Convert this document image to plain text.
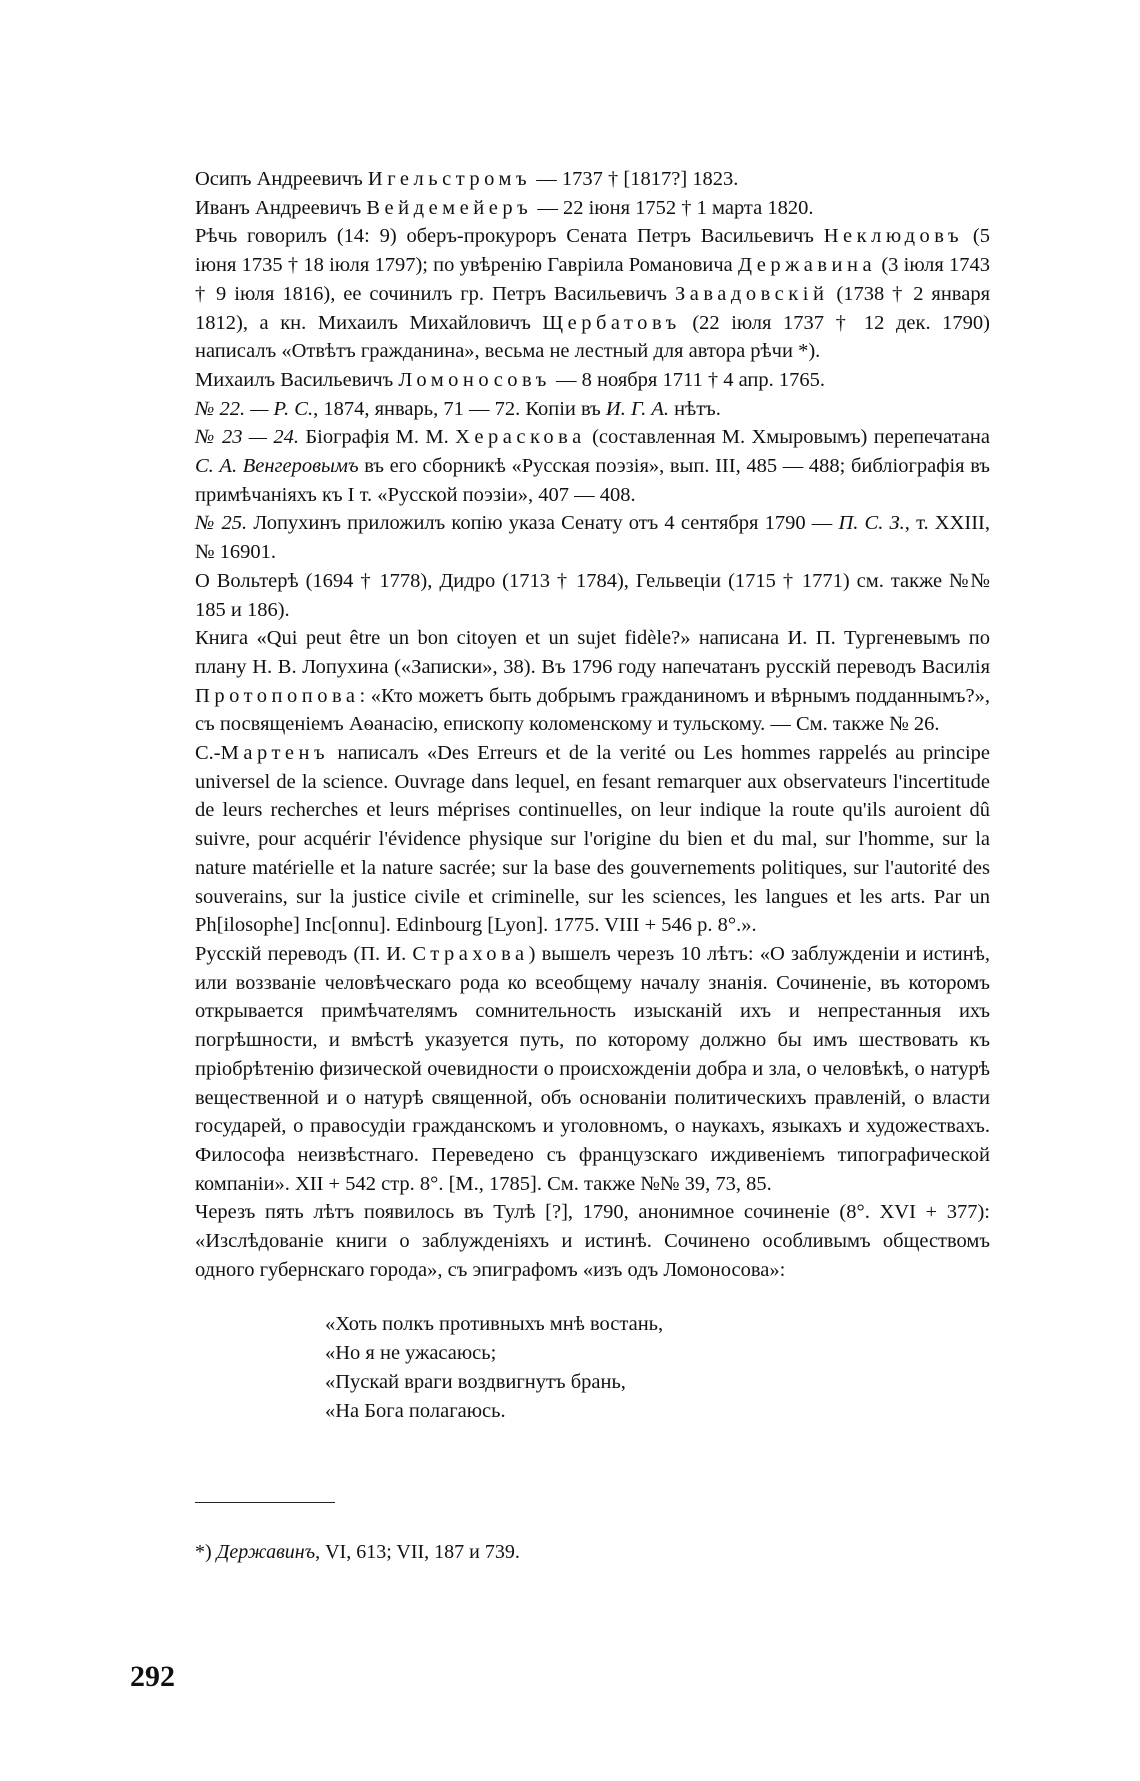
Осипъ Андреевичъ Игельстромъ — 1737 † [1817?] 1823.

Иванъ Андреевичъ Вейдемейеръ — 22 іюня 1752 † 1 марта 1820.

Рѣчь говорилъ (14: 9) оберъ-прокуроръ Сената Петръ Васильевичъ Неклюдовъ (5 іюня 1735 † 18 іюля 1797); по увѣренію Гавріила Романовича Державина (3 іюля 1743 † 9 іюля 1816), ее сочинилъ гр. Петръ Васильевичъ Завадовскій (1738 † 2 января 1812), а кн. Михаилъ Михайловичъ Щербатовъ (22 іюля 1737 † 12 дек. 1790) написалъ «Отвѣтъ гражданина», весьма не лестный для автора рѣчи *).

Михаилъ Васильевичъ Ломоносовъ — 8 ноября 1711 † 4 апр. 1765.

№ 22. — Р. С., 1874, январь, 71 — 72. Копіи въ И. Г. А. нѣтъ.

№ 23 — 24. Біографія М. М. Хераскова (составленная М. Хмыровымъ) перепечатана С. А. Венгеровымъ въ его сборникѣ «Русская поэзія», вып. III, 485 — 488; библіографія въ примѣчаніяхъ къ I т. «Русской поэзіи», 407 — 408.

№ 25. Лопухинъ приложилъ копію указа Сенату отъ 4 сентября 1790 — П. С. З., т. XXIII, № 16901.

О Вольтерѣ (1694 † 1778), Дидро (1713 † 1784), Гельвеціи (1715 † 1771) см. также №№ 185 и 186).

Книга «Qui peut être un bon citoyen et un sujet fidèle?» написана И. П. Тургеневымъ по плану Н. В. Лопухина («Записки», 38). Въ 1796 году напечатанъ русскій переводъ Василія Протопопова: «Кто можетъ быть добрымъ гражданиномъ и вѣрнымъ подданнымъ?», съ посвященіемъ Аѳанасію, епископу коломенскому и тульскому. — См. также № 26.

С.-Мартенъ написалъ «Des Erreurs et de la verité ou Les hommes rappelés au principe universel de la science. Ouvrage dans lequel, en fesant remarquer aux observateurs l'incertitude de leurs recherches et leurs méprises continuelles, on leur indique la route qu'ils auroient dû suivre, pour acquérir l'évidence physique sur l'origine du bien et du mal, sur l'homme, sur la nature matérielle et la nature sacrée; sur la base des gouvernements politiques, sur l'autorité des souverains, sur la justice civile et criminelle, sur les sciences, les langues et les arts. Par un Ph[ilosophe] Inc[onnu]. Edinbourg [Lyon]. 1775. VIII + 546 p. 8°.».

Русскій переводъ (П. И. Страхова) вышелъ черезъ 10 лѣтъ: «О заблужденіи и истинѣ, или воззваніе человѣческаго рода ко всеобщему началу знанія. Сочиненіе, въ которомъ открывается примѣчателямъ сомнительность изысканій ихъ и непрестанныя ихъ погрѣшности, и вмѣстѣ указуется путь, по которому должно бы имъ шествовать къ пріобрѣтенію физической очевидности о происхожденіи добра и зла, о человѣкѣ, о натурѣ вещественной и о натурѣ священной, объ основаніи политическихъ правленій, о власти государей, о правосудіи гражданскомъ и уголовномъ, о наукахъ, языкахъ и художествахъ. Философа неизвѣстнаго. Переведено съ французскаго иждивеніемъ типографической компаніи». XII + 542 стр. 8°. [М., 1785]. См. также №№ 39, 73, 85.

Черезъ пять лѣтъ появилось въ Тулѣ [?], 1790, анонимное сочиненіе (8°. XVI + 377): «Изслѣдованіе книги о заблужденіяхъ и истинѣ. Сочинено особливымъ обществомъ одного губернскаго города», съ эпиграфомъ «изъ одъ Ломоносова»:

«Хоть полкъ противныхъ мнѣ востань,
«Но я не ужасаюсь;
«Пускай враги воздвигнутъ брань,
«На Бога полагаюсь.
*) Державинъ, VI, 613; VII, 187 и 739.
292
